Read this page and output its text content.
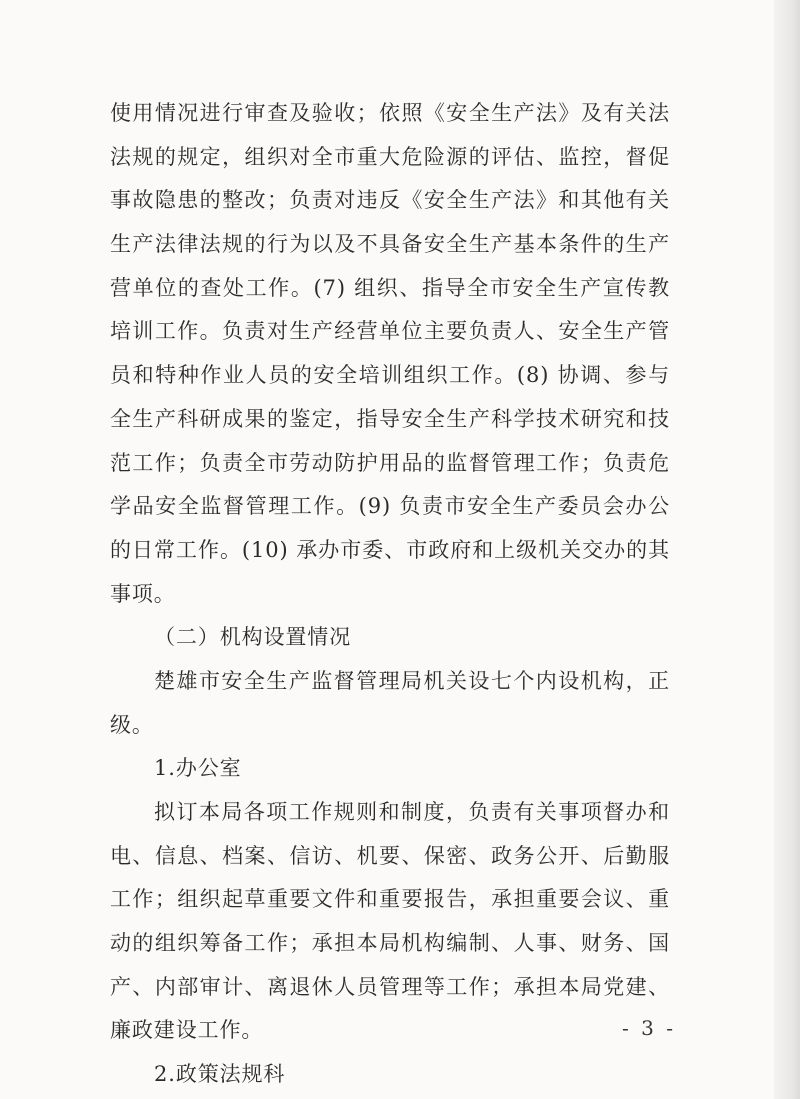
使用情况进行审查及验收；依照《安全生产法》及有关法
法规的规定，组织对全市重大危险源的评估、监控，督促
事故隐患的整改；负责对违反《安全生产法》和其他有关
生产法律法规的行为以及不具备安全生产基本条件的生产
营单位的查处工作。(7) 组织、指导全市安全生产宣传教
培训工作。负责对生产经营单位主要负责人、安全生产管
员和特种作业人员的安全培训组织工作。(8) 协调、参与
全生产科研成果的鉴定，指导安全生产科学技术研究和技
范工作；负责全市劳动防护用品的监督管理工作；负责危
学品安全监督管理工作。(9) 负责市安全生产委员会办公
的日常工作。(10) 承办市委、市政府和上级机关交办的其
事项。
（二）机构设置情况
楚雄市安全生产监督管理局机关设七个内设机构，正
级。
1.办公室
拟订本局各项工作规则和制度，负责有关事项督办和
电、信息、档案、信访、机要、保密、政务公开、后勤服
工作；组织起草重要文件和重要报告，承担重要会议、重
动的组织筹备工作；承担本局机构编制、人事、财务、国
产、内部审计、离退休人员管理等工作；承担本局党建、
廉政建设工作。
2.政策法规科
- 3 -
